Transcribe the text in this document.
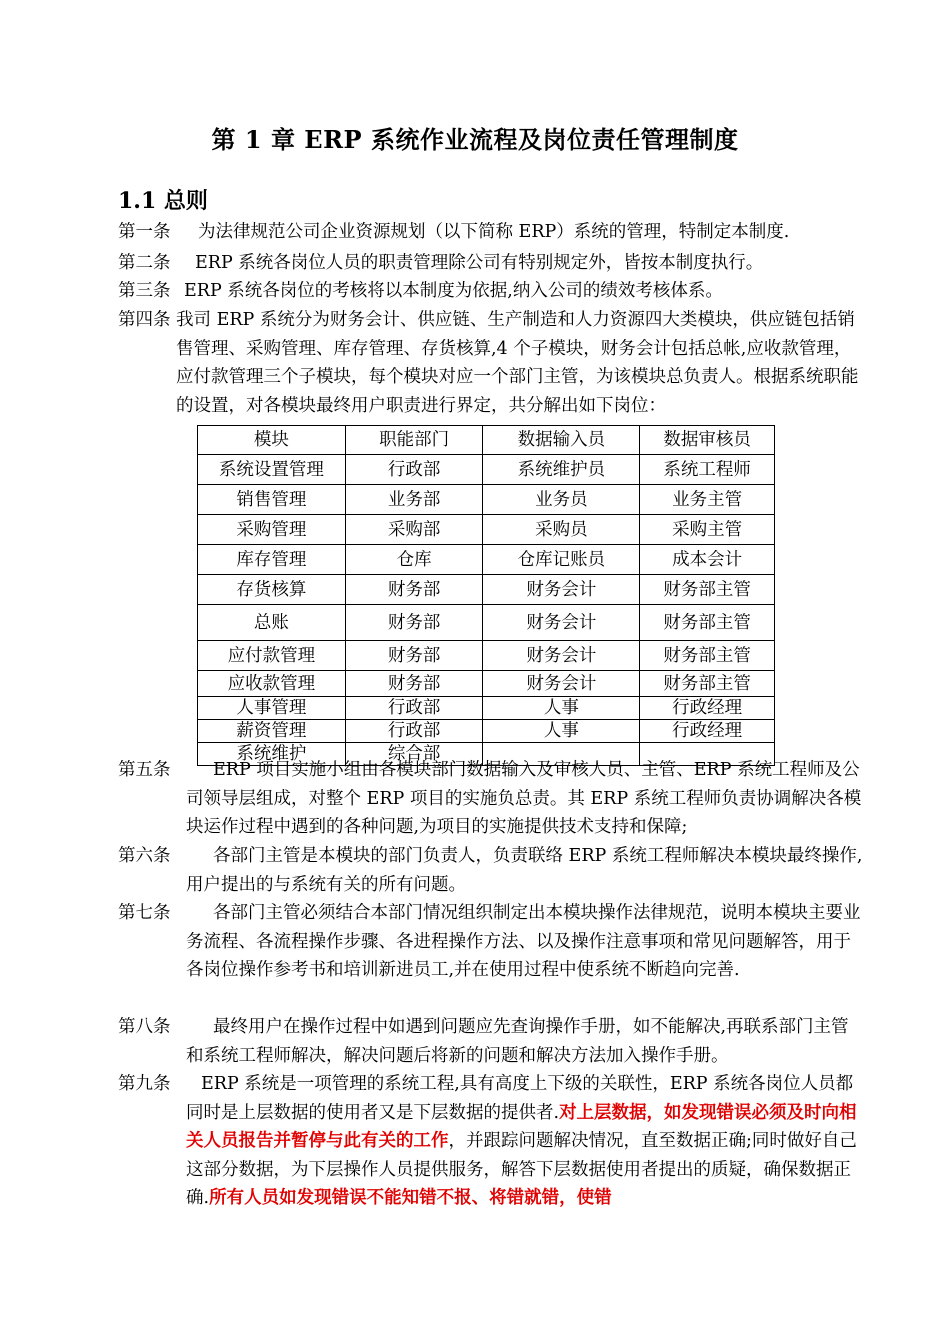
第 1 章 ERP 系统作业流程及岗位责任管理制度
1.1 总则
第一条	为法律规范公司企业资源规划（以下简称 ERP）系统的管理，特制定本制度.
第二条	ERP 系统各岗位人员的职责管理除公司有特别规定外，皆按本制度执行。
第三条 ERP 系统各岗位的考核将以本制度为依据,纳入公司的绩效考核体系。
第四条 我司 ERP 系统分为财务会计、供应链、生产制造和人力资源四大类模块，供应链包括销售管理、采购管理、库存管理、存货核算,4 个子模块，财务会计包括总帐,应收款管理，应付款管理三个子模块，每个模块对应一个部门主管，为该模块总负责人。根据系统职能的设置，对各模块最终用户职责进行界定，共分解出如下岗位：
模块	职能部门	数据输入员	数据审核员
系统设置管理	行政部	系统维护员	系统工程师
销售管理	业务部	业务员	业务主管
采购管理	采购部	采购员	采购主管
库存管理	仓库	仓库记账员	成本会计
存货核算	财务部	财务会计	财务部主管
总账	财务部	财务会计	财务部主管
应付款管理	财务部	财务会计	财务部主管
应收款管理	财务部	财务会计	财务部主管
人事管理	行政部	人事	行政经理
薪资管理	行政部	人事	行政经理
系统维护	综合部		
第五条	ERP 项目实施小组由各模块部门数据输入及审核人员、主管、ERP 系统工程师及公司领导层组成，对整个 ERP 项目的实施负总责。其 ERP 系统工程师负责协调解决各模块运作过程中遇到的各种问题,为项目的实施提供技术支持和保障;
第六条	各部门主管是本模块的部门负责人，负责联络 ERP 系统工程师解决本模块最终操作,用户提出的与系统有关的所有问题。
第七条	各部门主管必须结合本部门情况组织制定出本模块操作法律规范，说明本模块主要业务流程、各流程操作步骤、各进程操作方法、以及操作注意事项和常见问题解答，用于各岗位操作参考书和培训新进员工,并在使用过程中使系统不断趋向完善.
第八条	最终用户在操作过程中如遇到问题应先查询操作手册，如不能解决,再联系部门主管和系统工程师解决，解决问题后将新的问题和解决方法加入操作手册。
第九条	ERP 系统是一项管理的系统工程,具有高度上下级的关联性，ERP 系统各岗位人员都同时是上层数据的使用者又是下层数据的提供者.对上层数据，如发现错误必须及时向相关人员报告并暂停与此有关的工作，并跟踪问题解决情况，直至数据正确;同时做好自己这部分数据，为下层操作人员提供服务，解答下层数据使用者提出的质疑，确保数据正确.所有人员如发现错误不能知错不报、将错就错，使错
